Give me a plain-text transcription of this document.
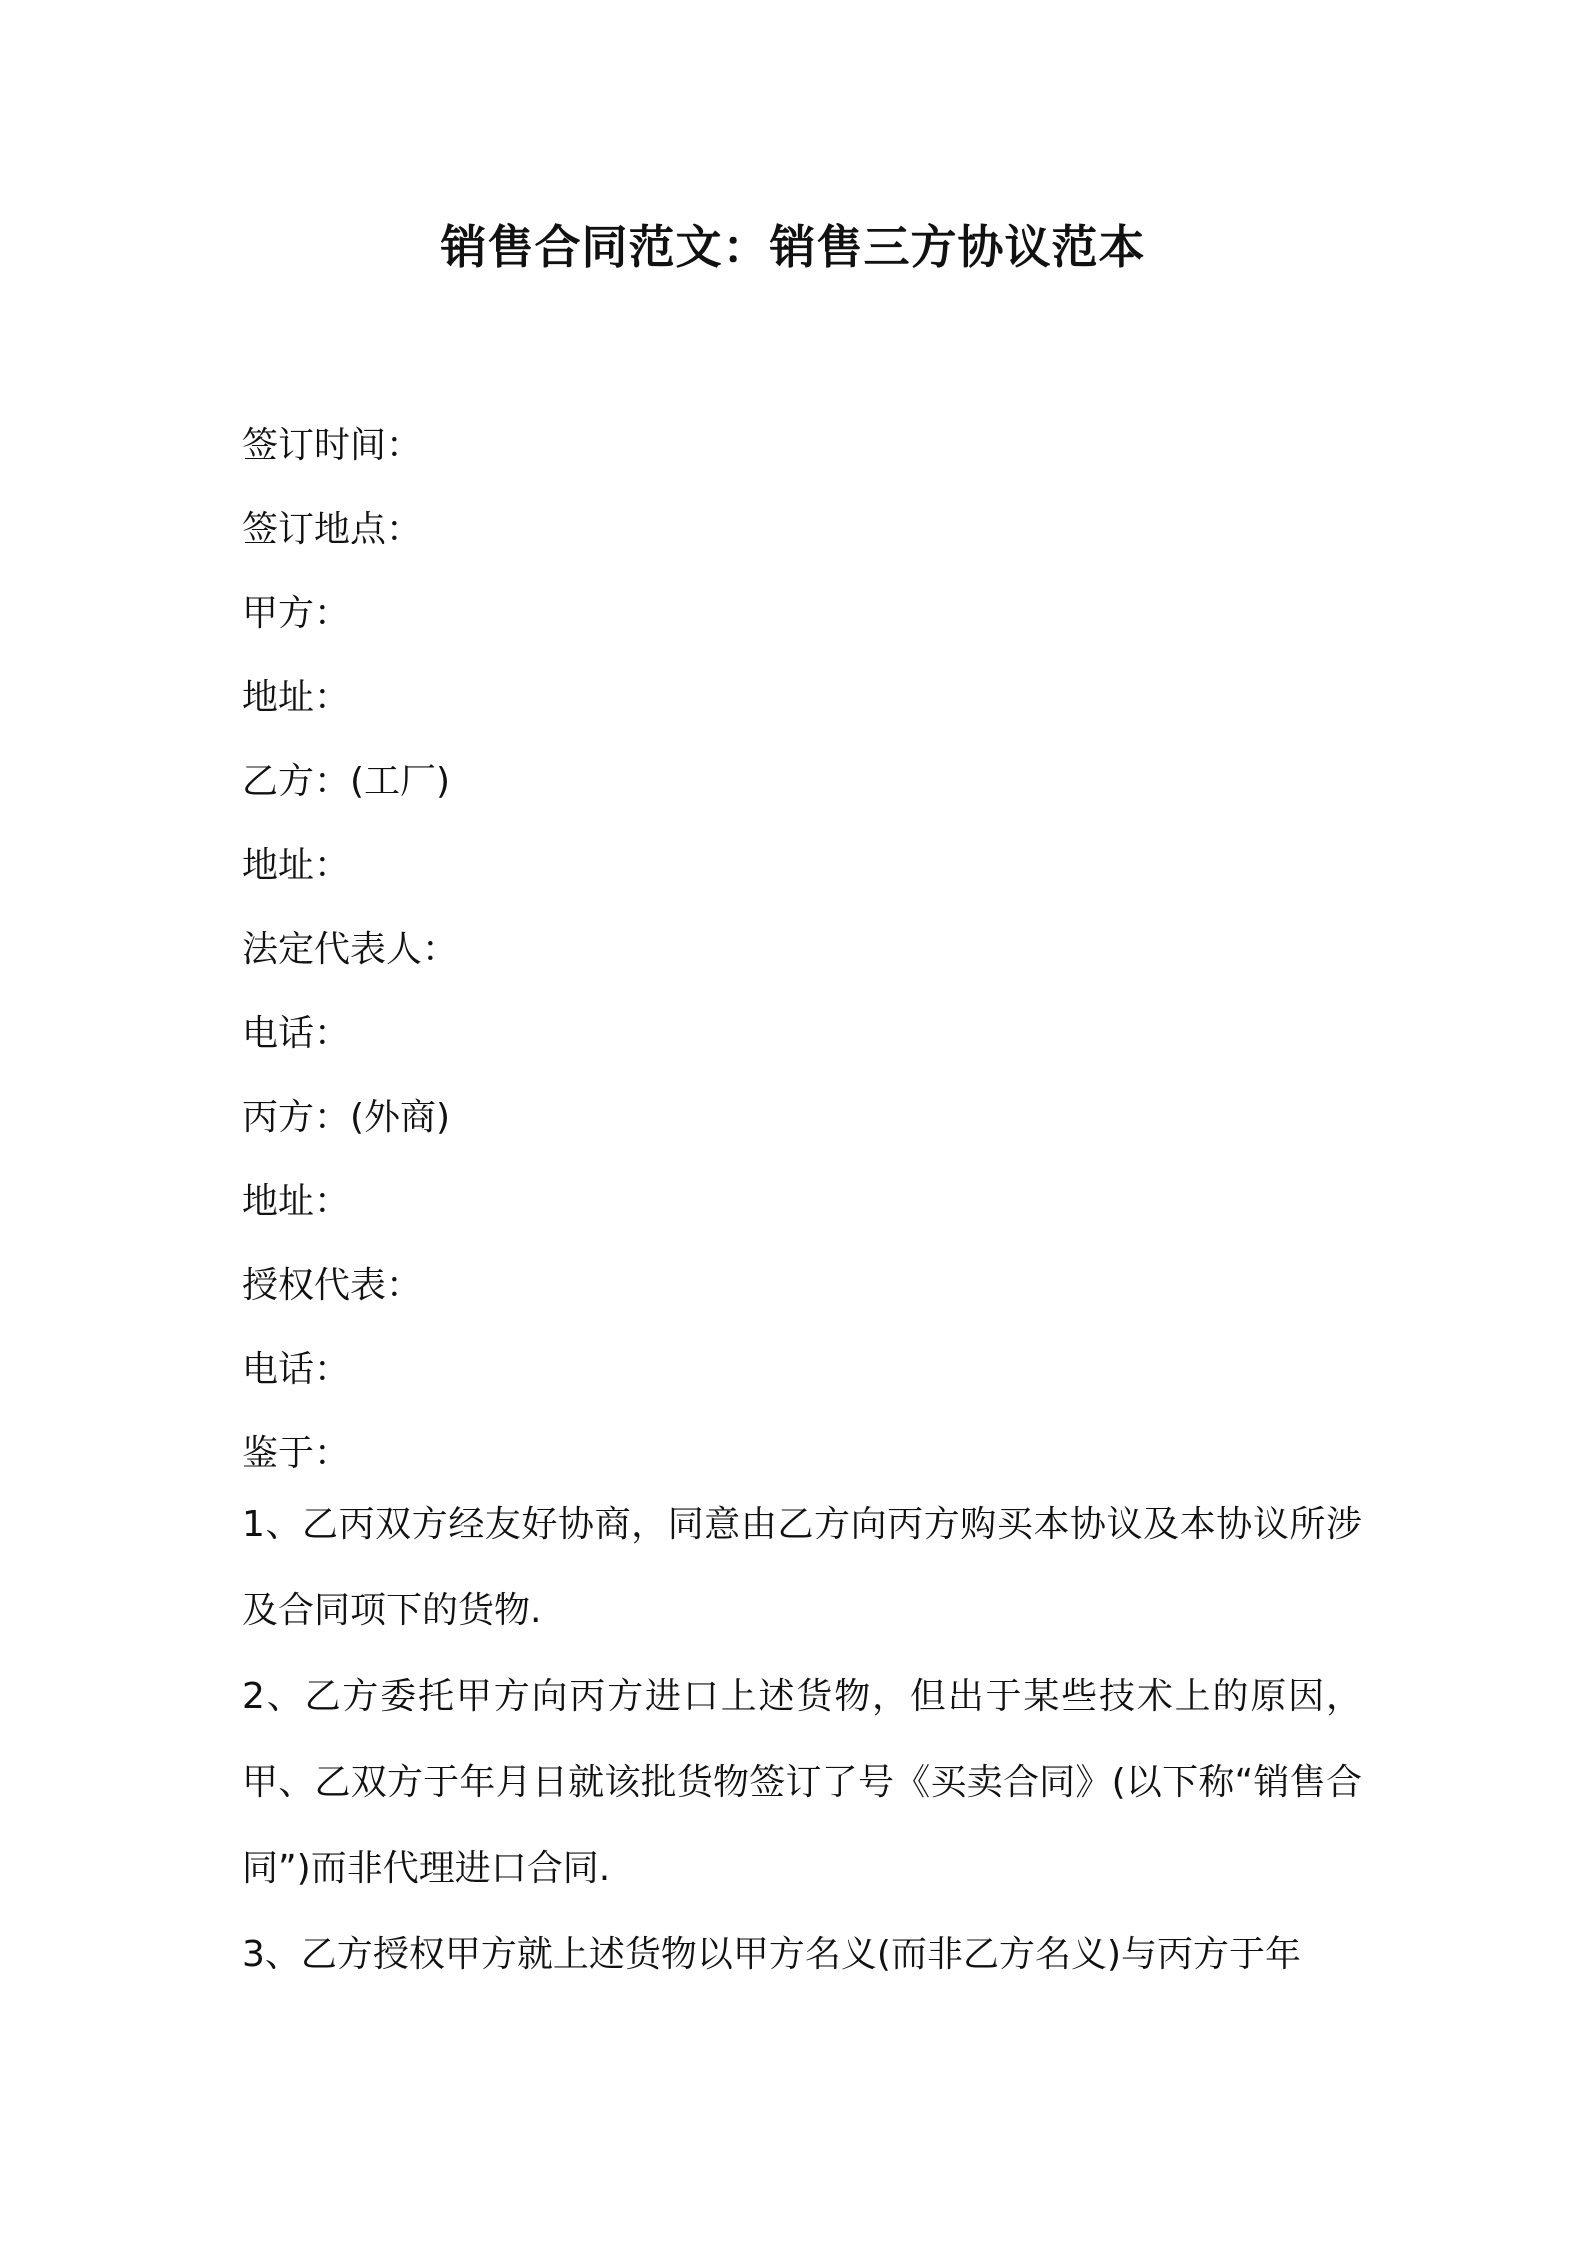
销售合同范文：销售三方协议范本
签订时间：
签订地点：
甲方：
地址：
乙方：(工厂)
地址：
法定代表人：
电话：
丙方：(外商)
地址：
授权代表：
电话：
鉴于：

1、乙丙双方经友好协商，同意由乙方向丙方购买本协议及本协议所涉及合同项下的货物.

2、乙方委托甲方向丙方进口上述货物，但出于某些技术上的原因，甲、乙双方于年月日就该批货物签订了号《买卖合同》(以下称“销售合同”)而非代理进口合同.

3、乙方授权甲方就上述货物以甲方名义(而非乙方名义)与丙方于年
